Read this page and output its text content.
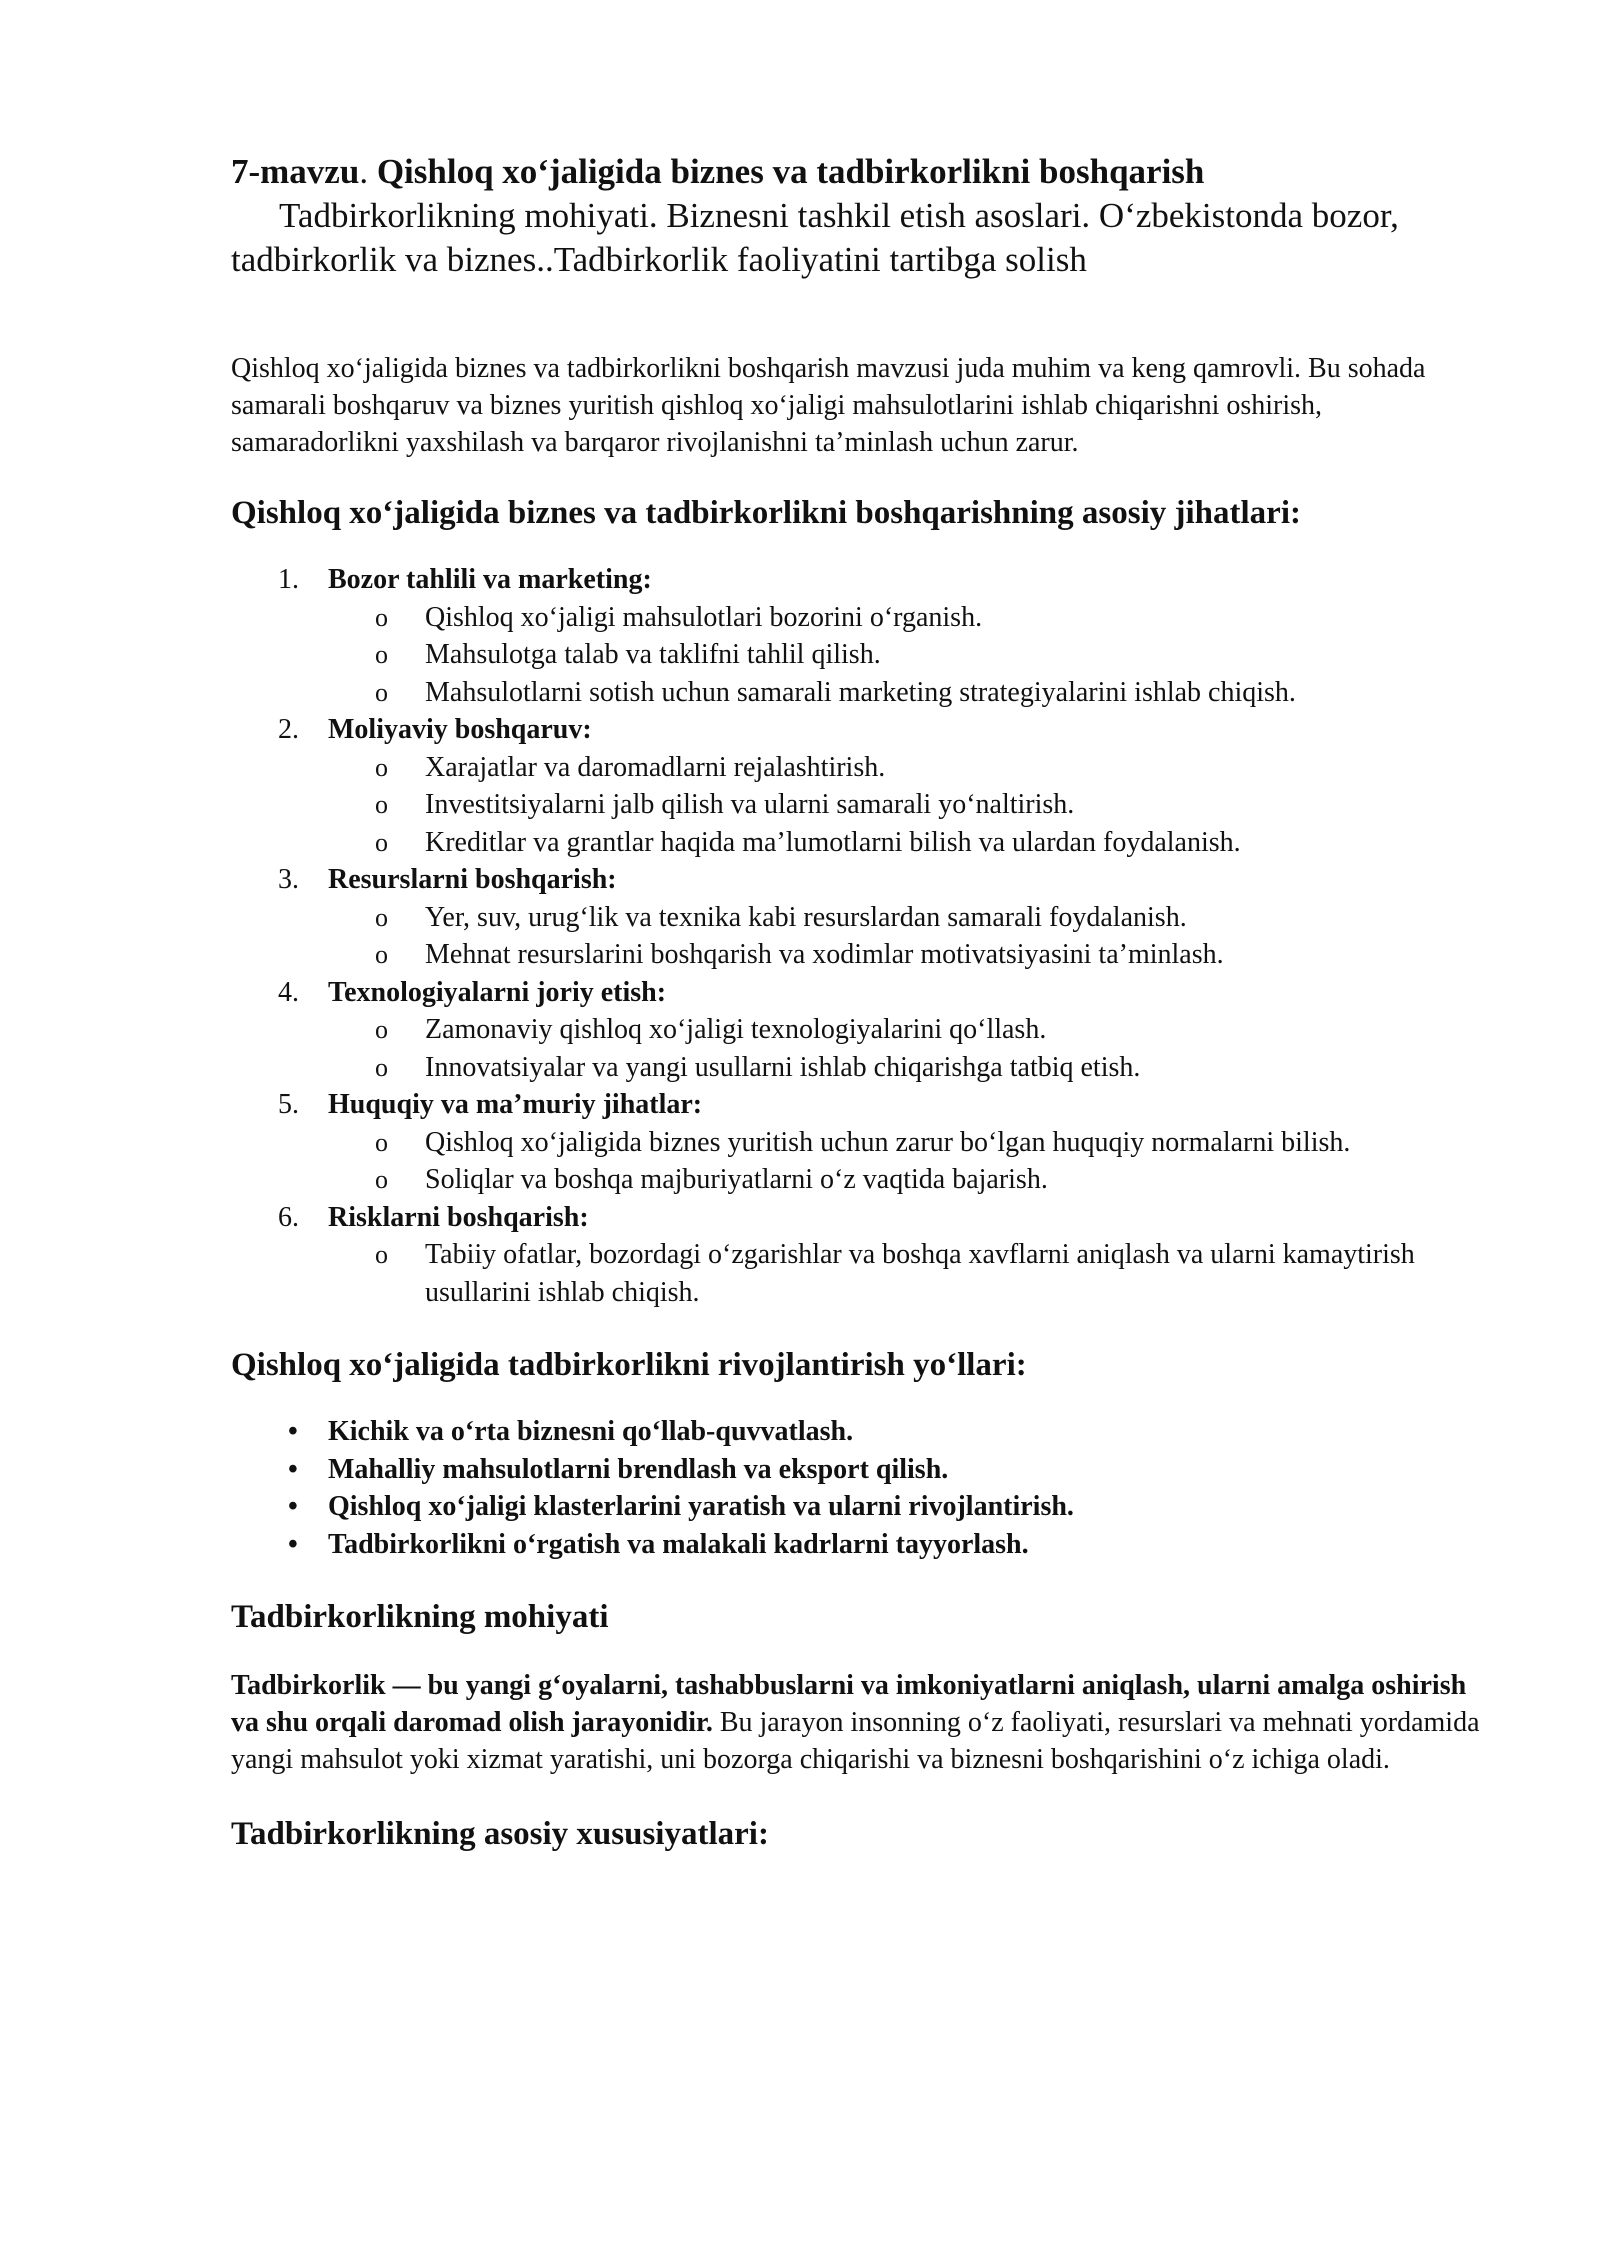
7-mavzu. Qishloq xo‘jaligida biznes va tadbirkorlikni boshqarish

Tadbirkorlikning mohiyati. Biznesni tashkil etish asoslari. O‘zbekistonda bozor, tadbirkorlik va biznes..Tadbirkorlik faoliyatini tartibga solish

Qishloq xo‘jaligida biznes va tadbirkorlikni boshqarish mavzusi juda muhim va keng qamrovli. Bu sohada samarali boshqaruv va biznes yuritish qishloq xo‘jaligi mahsulotlarini ishlab chiqarishni oshirish, samaradorlikni yaxshilash va barqaror rivojlanishni ta’minlash uchun zarur.

Qishloq xo‘jaligida biznes va tadbirkorlikni boshqarishning asosiy jihatlari:

1. Bozor tahlili va marketing:
o Qishloq xo‘jaligi mahsulotlari bozorini o‘rganish.
o Mahsulotga talab va taklifni tahlil qilish.
o Mahsulotlarni sotish uchun samarali marketing strategiyalarini ishlab chiqish.
2. Moliyaviy boshqaruv:
o Xarajatlar va daromadlarni rejalashtirish.
o Investitsiyalarni jalb qilish va ularni samarali yo‘naltirish.
o Kreditlar va grantlar haqida ma’lumotlarni bilish va ulardan foydalanish.
3. Resurslarni boshqarish:
o Yer, suv, urug‘lik va texnika kabi resurslardan samarali foydalanish.
o Mehnat resurslarini boshqarish va xodimlar motivatsiyasini ta’minlash.
4. Texnologiyalarni joriy etish:
o Zamonaviy qishloq xo‘jaligi texnologiyalarini qo‘llash.
o Innovatsiyalar va yangi usullarni ishlab chiqarishga tatbiq etish.
5. Huquqiy va ma’muriy jihatlar:
o Qishloq xo‘jaligida biznes yuritish uchun zarur bo‘lgan huquqiy normalarni bilish.
o Soliqlar va boshqa majburiyatlarni o‘z vaqtida bajarish.
6. Risklarni boshqarish:
o Tabiiy ofatlar, bozordagi o‘zgarishlar va boshqa xavflarni aniqlash va ularni kamaytirish usullarini ishlab chiqish.

Qishloq xo‘jaligida tadbirkorlikni rivojlantirish yo‘llari:

• Kichik va o‘rta biznesni qo‘llab-quvvatlash.
• Mahalliy mahsulotlarni brendlash va eksport qilish.
• Qishloq xo‘jaligi klasterlarini yaratish va ularni rivojlantirish.
• Tadbirkorlikni o‘rgatish va malakali kadrlarni tayyorlash.

Tadbirkorlikning mohiyati

Tadbirkorlik — bu yangi g‘oyalarni, tashabbuslarni va imkoniyatlarni aniqlash, ularni amalga oshirish va shu orqali daromad olish jarayonidir. Bu jarayon insonning o‘z faoliyati, resurslari va mehnati yordamida yangi mahsulot yoki xizmat yaratishi, uni bozorga chiqarishi va biznesni boshqarishini o‘z ichiga oladi.

Tadbirkorlikning asosiy xususiyatlari:
